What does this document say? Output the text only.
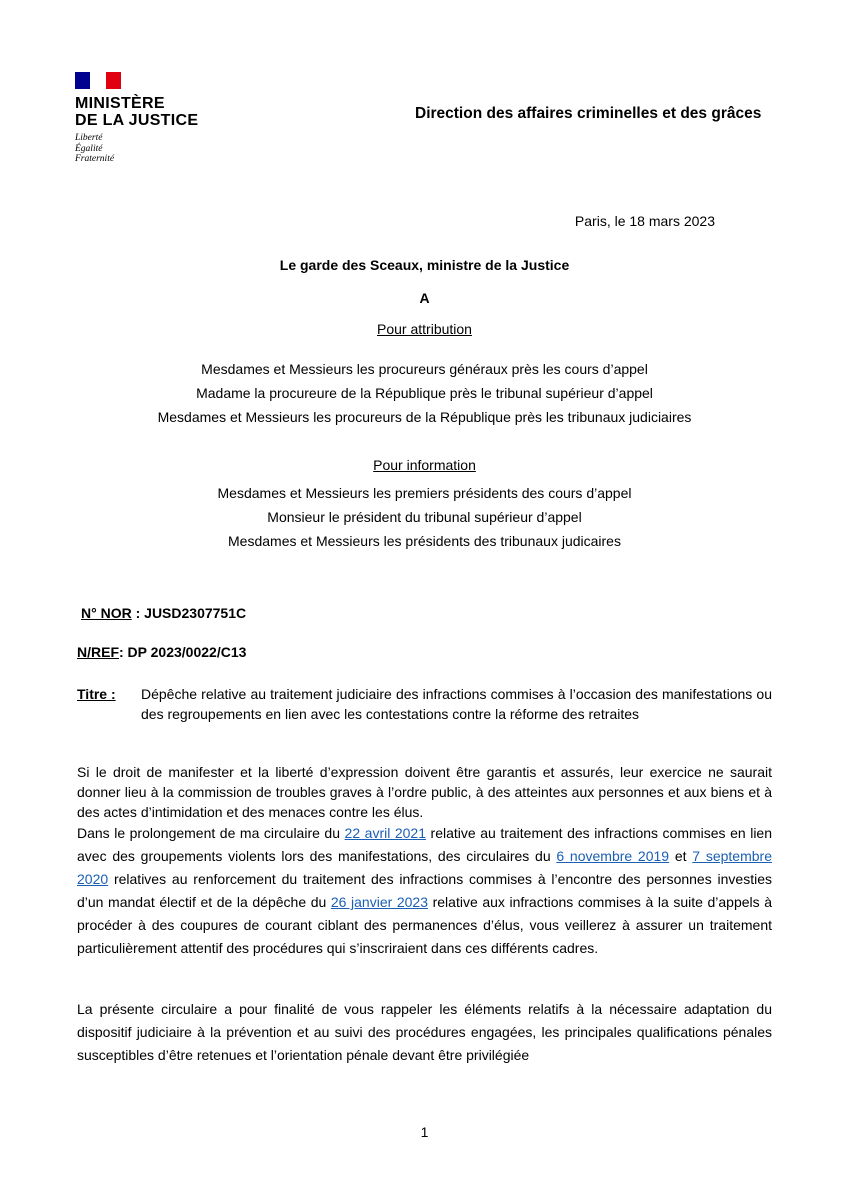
MINISTÈRE
DE LA JUSTICE
Liberté
Égalité
Fraternité
Direction des affaires criminelles et des grâces
Paris, le 18 mars 2023
Le garde des Sceaux, ministre de la Justice
A
Pour attribution
Mesdames et Messieurs les procureurs généraux près les cours d’appel
Madame la procureure de la République près le tribunal supérieur d’appel
Mesdames et Messieurs les procureurs de la République près les tribunaux judiciaires
Pour information
Mesdames et Messieurs les premiers présidents des cours d’appel
Monsieur le président du tribunal supérieur d’appel
Mesdames et Messieurs les présidents des tribunaux judicaires
N° NOR : JUSD2307751C
N/REF: DP 2023/0022/C13
Titre : Dépêche relative au traitement judiciaire des infractions commises à l’occasion des manifestations ou des regroupements en lien avec les contestations contre la réforme des retraites
Si le droit de manifester et la liberté d’expression doivent être garantis et assurés, leur exercice ne saurait donner lieu à la commission de troubles graves à l’ordre public, à des atteintes aux personnes et aux biens et à des actes d’intimidation et des menaces contre les élus.
Dans le prolongement de ma circulaire du 22 avril 2021 relative au traitement des infractions commises en lien avec des groupements violents lors des manifestations, des circulaires du 6 novembre 2019 et 7 septembre 2020 relatives au renforcement du traitement des infractions commises à l’encontre des personnes investies d’un mandat électif et de la dépêche du 26 janvier 2023 relative aux infractions commises à la suite d’appels à procéder à des coupures de courant ciblant des permanences d’élus, vous veillerez à assurer un traitement particulièrement attentif des procédures qui s’inscriraient dans ces différents cadres.
La présente circulaire a pour finalité de vous rappeler les éléments relatifs à la nécessaire adaptation du dispositif judiciaire à la prévention et au suivi des procédures engagées, les principales qualifications pénales susceptibles d’être retenues et l’orientation pénale devant être privilégiée
1
